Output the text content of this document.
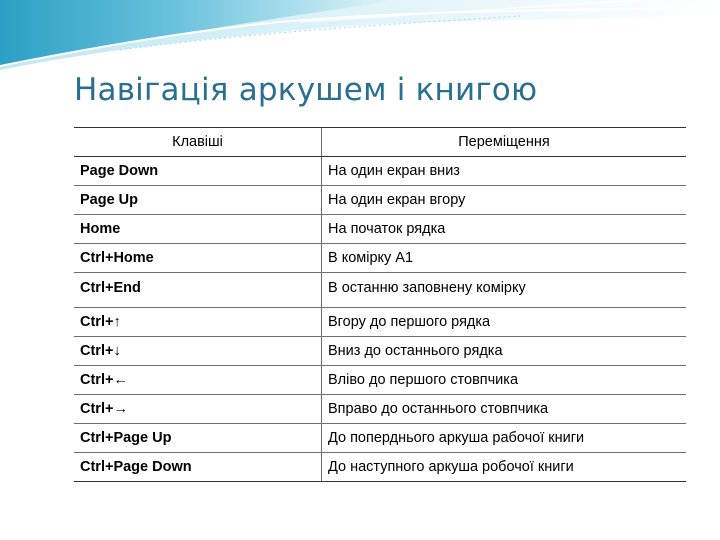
Навігація аркушем і книгою
Клавіші	Переміщення
Page Down	На один екран вниз
Page Up	На один екран вгору
Home	На початок рядка
Ctrl+Home	В комірку А1
Ctrl+End	В останню заповнену комірку
Ctrl+↑	Вгору до першого рядка
Ctrl+↓	Вниз до останнього рядка
Ctrl+←	Вліво до першого стовпчика
Ctrl+→	Вправо до останнього стовпчика
Ctrl+Page Up	До поперднього аркуша рабочої книги
Ctrl+Page Down	До наступного аркуша робочої книги
